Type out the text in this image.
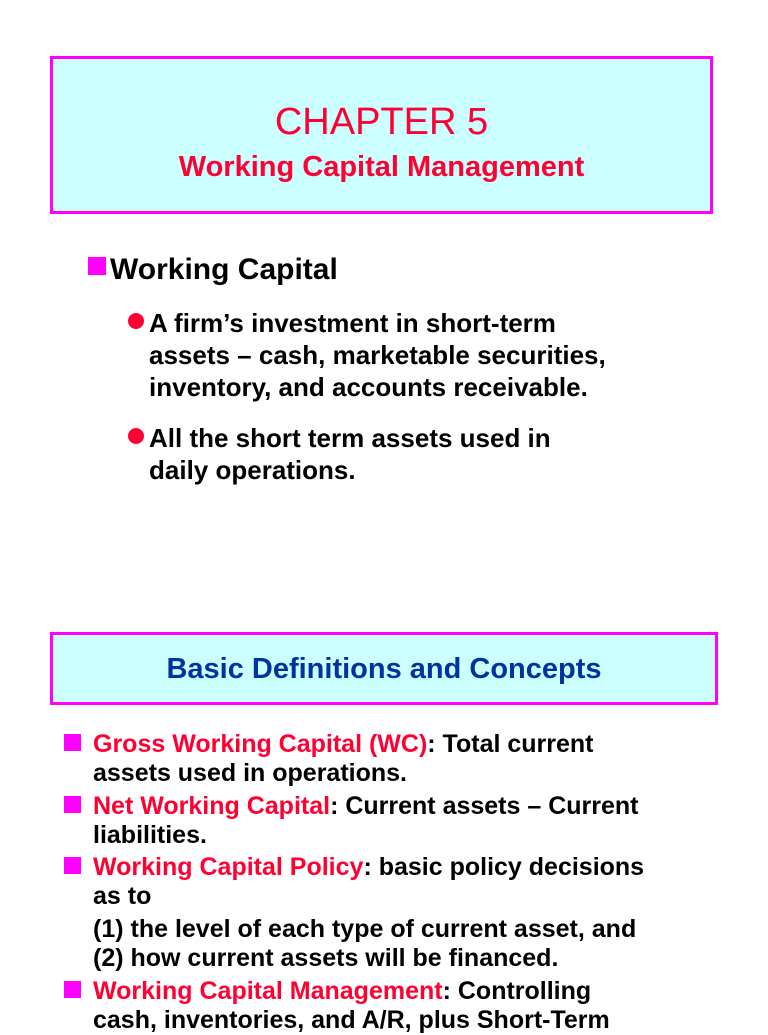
CHAPTER 5
Working Capital Management
Working Capital
A firm’s investment in short-term
assets – cash, marketable securities,
inventory, and accounts receivable.
All the short term assets used in
daily operations.
Basic Definitions and Concepts
Gross Working Capital (WC): Total current
assets used in operations.
Net Working Capital: Current assets – Current
liabilities.
Working Capital Policy: basic policy decisions
as to
(1) the level of each type of current asset, and
(2) how current assets will be financed.
Working Capital Management: Controlling
cash, inventories, and A/R, plus Short-Term
